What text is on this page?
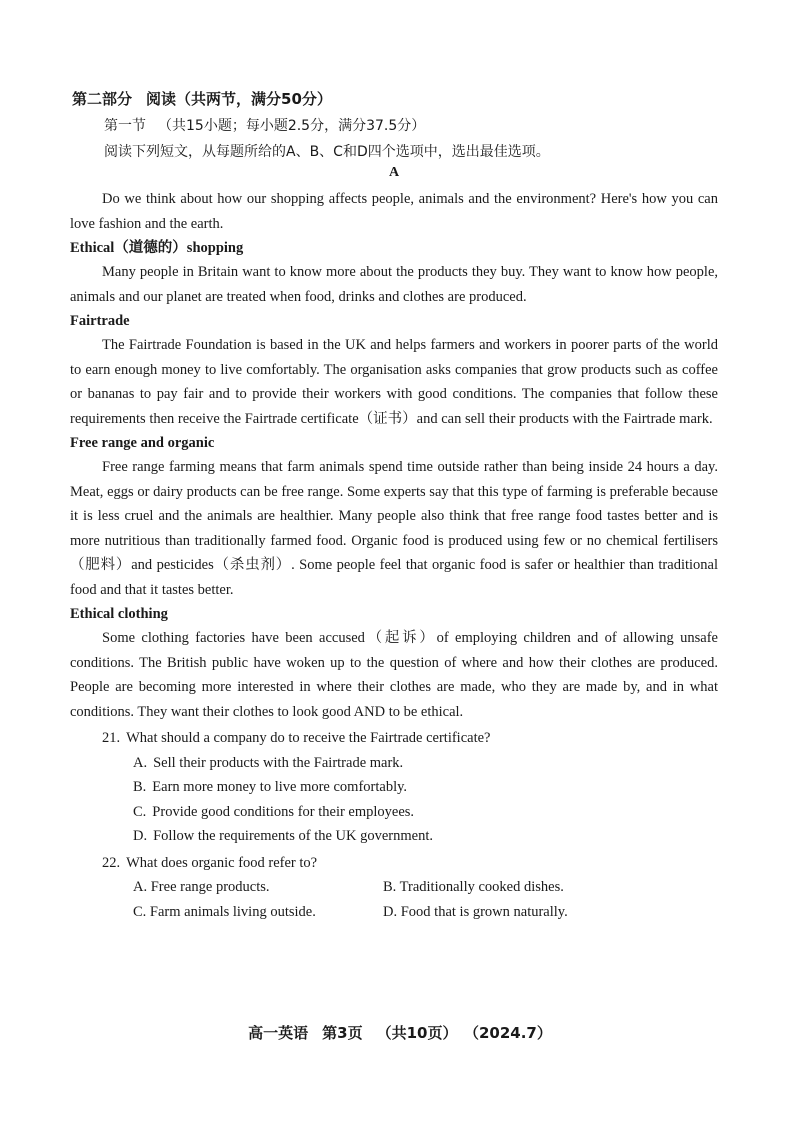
第二部分 阅读（共两节，满分50分）
第一节 （共15小题；每小题2.5分，满分37.5分）
阅读下列短文，从每题所给的A、B、C和D四个选项中，选出最佳选项。
A

Do we think about how our shopping affects people, animals and the environment? Here's how you can love fashion and the earth.

Ethical（道德的）shopping

Many people in Britain want to know more about the products they buy. They want to know how people, animals and our planet are treated when food, drinks and clothes are produced.

Fairtrade

The Fairtrade Foundation is based in the UK and helps farmers and workers in poorer parts of the world to earn enough money to live comfortably. The organisation asks companies that grow products such as coffee or bananas to pay fair and to provide their workers with good conditions. The companies that follow these requirements then receive the Fairtrade certificate（证书）and can sell their products with the Fairtrade mark.

Free range and organic

Free range farming means that farm animals spend time outside rather than being inside 24 hours a day. Meat, eggs or dairy products can be free range. Some experts say that this type of farming is preferable because it is less cruel and the animals are healthier. Many people also think that free range food tastes better and is more nutritious than traditionally farmed food. Organic food is produced using few or no chemical fertilisers（肥料）and pesticides（杀虫剂）. Some people feel that organic food is safer or healthier than traditional food and that it tastes better.

Ethical clothing

Some clothing factories have been accused（起诉）of employing children and of allowing unsafe conditions. The British public have woken up to the question of where and how their clothes are produced. People are becoming more interested in where their clothes are made, who they are made by, and in what conditions. They want their clothes to look good AND to be ethical.

21. What should a company do to receive the Fairtrade certificate?
A. Sell their products with the Fairtrade mark.
B. Earn more money to live more comfortably.
C. Provide good conditions for their employees.
D. Follow the requirements of the UK government.
22. What does organic food refer to?
A. Free range products.	B. Traditionally cooked dishes.
C. Farm animals living outside.	D. Food that is grown naturally.
高一英语 第3页 （共10页） （2024.7）
